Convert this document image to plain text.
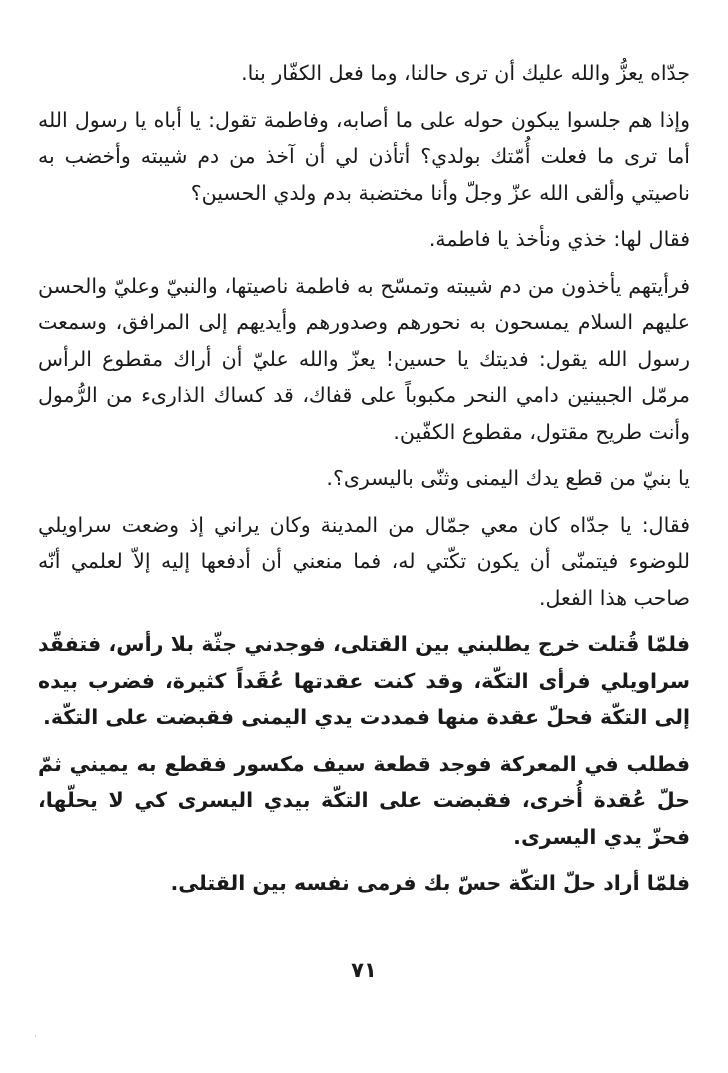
جدّاه يعزُّ والله عليك أن ترى حالنا، وما فعل الكفّار بنا.

وإذا هم جلسوا يبكون حوله على ما أصابه، وفاطمة تقول: يا أباه يا رسول الله أما ترى ما فعلت أُمّتك بولدي؟ أتأذن لي أن آخذ من دم شيبته وأخضب به ناصيتي وألقى الله عزّ وجلّ وأنا مختضبة بدم ولدي الحسين؟

فقال لها: خذي ونأخذ يا فاطمة.

فرأيتهم يأخذون من دم شيبته وتمسّح به فاطمة ناصيتها، والنبيّ وعليّ والحسن عليهم السلام يمسحون به نحورهم وصدورهم وأيديهم إلى المرافق، وسمعت رسول الله يقول: فديتك يا حسين! يعزّ والله عليّ أن أراك مقطوع الرأس مرمّل الجبينين دامي النحر مكبوباً على قفاك، قد كساك الذارىء من الرُّمول وأنت طريح مقتول، مقطوع الكفّين.

يا بنيّ من قطع يدك اليمنى وثنّى باليسرى؟.

فقال: يا جدّاه كان معي جمّال من المدينة وكان يراني إذ وضعت سراويلي للوضوء فيتمنّى أن يكون تكّتي له، فما منعني أن أدفعها إليه إلاّ لعلمي أنّه صاحب هذا الفعل.

فلمّا قُتلت خرج يطلبني بين القتلى، فوجدني جثّة بلا رأس، فتفقّد سراويلي فرأى التكّة، وقد كنت عقدتها عُقَداً كثيرة، فضرب بيده إلى التكّة فحلّ عقدة منها فمددت يدي اليمنى فقبضت على التكّة.

فطلب في المعركة فوجد قطعة سيف مكسور فقطع به يميني ثمّ حلّ عُقدة أُخرى، فقبضت على التكّة بيدي اليسرى كي لا يحلّها، فحزّ يدي اليسرى.

فلمّا أراد حلّ التكّة حسّ بك فرمى نفسه بين القتلى.

٧١
·
